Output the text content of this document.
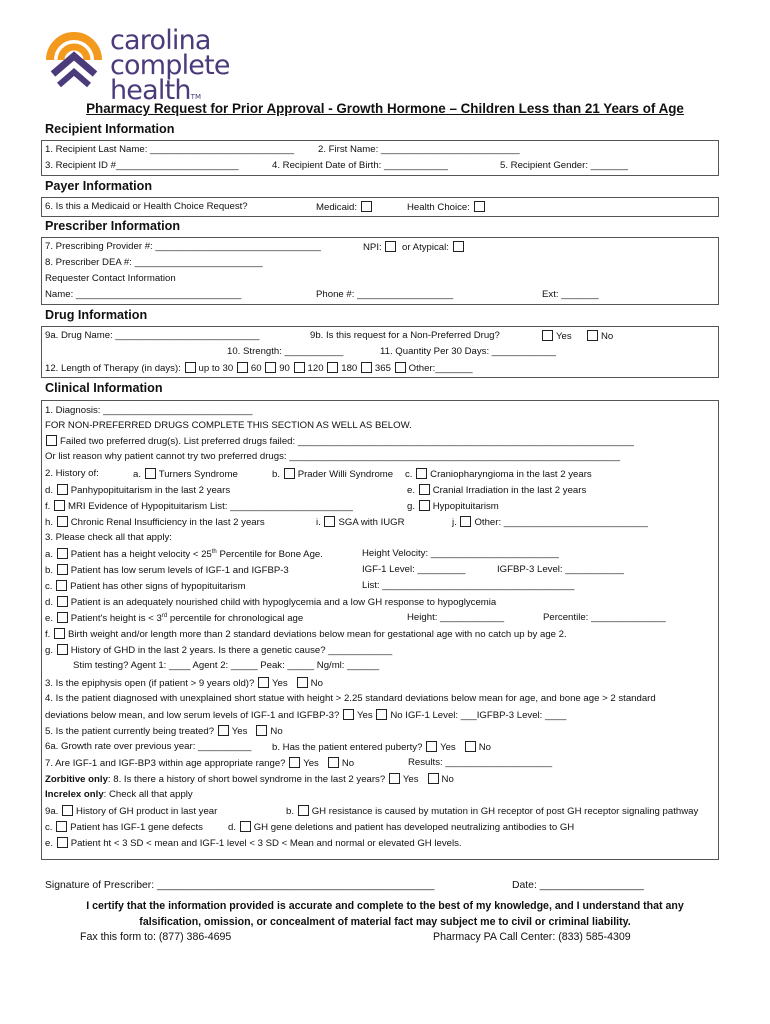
carolina
complete healthTM
Pharmacy Request for Prior Approval - Growth Hormone – Children Less than 21 Years of Age
Recipient Information
1. Recipient Last Name: ___________________________ 2. First Name: __________________________
3. Recipient ID #_______________________	4. Recipient Date of Birth: ____________	5. Recipient Gender: _______
Payer Information
6. Is this a Medicaid or Health Choice Request?	Medicaid:	Health Choice:
Prescriber Information
7. Prescribing Provider #: _______________________________	NPI:	or Atypical:
8. Prescriber DEA #: ________________________
Requester Contact Information
Name: _______________________________	Phone #: __________________	Ext: _______
Drug Information
9a. Drug Name: ___________________________	9b. Is this request for a Non-Preferred Drug?	Yes	No
10. Strength: ___________	11. Quantity Per 30 Days: ____________
12. Length of Therapy (in days): up to 30 60 90 120 180 365 Other:_______
Clinical Information
1. Diagnosis: ____________________________
FOR NON-PREFERRED DRUGS COMPLETE THIS SECTION AS WELL AS BELOW.
Failed two preferred drug(s). List preferred drugs failed: _______________________________________________________________
Or list reason why patient cannot try two preferred drugs: ______________________________________________________________
2. History of:	a. Turners Syndrome	b. Prader Willi Syndrome c. Craniopharyngioma in the last 2 years
d. Panhypopituitarism in the last 2 years	e. Cranial Irradiation in the last 2 years
f. MRI Evidence of Hypopituitarism List: _______________________	g. Hypopituitarism
h. Chronic Renal Insufficiency in the last 2 years	i. SGA with IUGR	j. Other: ___________________________
3. Please check all that apply:
a. Patient has a height velocity < 25th Percentile for Bone Age.	Height Velocity: ________________________
b. Patient has low serum levels of IGF-1 and IGFBP-3	IGF-1 Level: _________	IGFBP-3 Level: ___________
c. Patient has other signs of hypopituitarism	List: ____________________________________
d. Patient is an adequately nourished child with hypoglycemia and a low GH response to hypoglycemia
e. Patient's height is < 3rd percentile for chronological age	Height: ____________	Percentile: ______________
f. Birth weight and/or length more than 2 standard deviations below mean for gestational age with no catch up by age 2.
g. History of GHD in the last 2 years. Is there a genetic cause? ____________
Stim testing? Agent 1: ____ Agent 2: _____ Peak: _____ Ng/ml: ______
3. Is the epiphysis open (if patient > 9 years old)? Yes No
4. Is the patient diagnosed with unexplained short statue with height > 2.25 standard deviations below mean for age, and bone age > 2 standard
deviations below mean, and low serum levels of IGF-1 and IGFBP-3? Yes No IGF-1 Level: ___IGFBP-3 Level: ____
5. Is the patient currently being treated? Yes No
6a. Growth rate over previous year: __________ b. Has the patient entered puberty? Yes No
7. Are IGF-1 and IGF-BP3 within age appropriate range? Yes No	Results: ____________________
Zorbitive only: 8. Is there a history of short bowel syndrome in the last 2 years? Yes No
Increlex only: Check all that apply
9a. History of GH product in last year	b. GH resistance is caused by mutation in GH receptor of post GH receptor signaling pathway
c. Patient has IGF-1 gene defects	d. GH gene deletions and patient has developed neutralizing antibodies to GH
e. Patient ht < 3 SD < mean and IGF-1 level < 3 SD < Mean and normal or elevated GH levels.
Signature of Prescriber: ________________________________________________	Date: __________________
I certify that the information provided is accurate and complete to the best of my knowledge, and I understand that any
falsification, omission, or concealment of material fact may subject me to civil or criminal liability.
Fax this form to: (877) 386-4695	Pharmacy PA Call Center: (833) 585-4309
